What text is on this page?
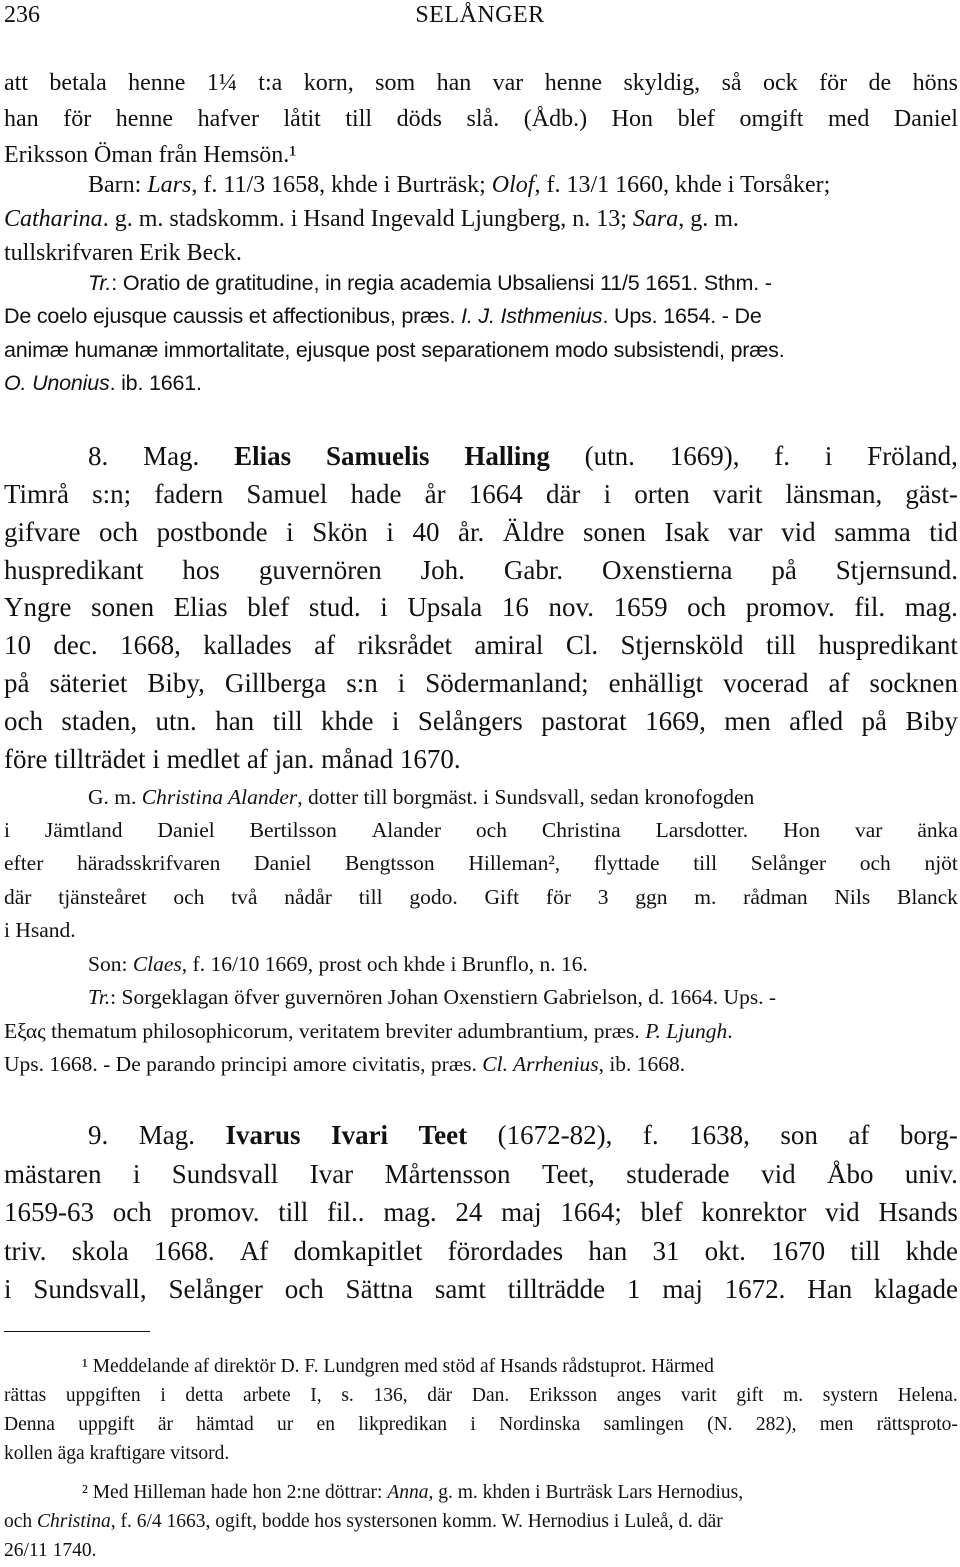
236	SELÅNGER
att betala henne 1¼ t:a korn, som han var henne skyldig, så ock för de höns
han för henne hafver låtit till döds slå. (Ådb.) Hon blef omgift med Daniel
Eriksson Öman från Hemsön.¹
Barn: Lars, f. 11/3 1658, khde i Burträsk; Olof, f. 13/1 1660, khde i Torsåker;
Catharina. g. m. stadskomm. i Hsand Ingevald Ljungberg, n. 13; Sara, g. m.
tullskrifvaren Erik Beck.
Tr.: Oratio de gratitudine, in regia academia Ubsaliensi 11/5 1651. Sthm. -
De coelo ejusque caussis et affectionibus, præs. I. J. Isthmenius. Ups. 1654. - De
animæ humanæ immortalitate, ejusque post separationem modo subsistendi, præs.
O. Unonius. ib. 1661.
8. Mag. Elias Samuelis Halling (utn. 1669), f. i Fröland,
Timrå s:n; fadern Samuel hade år 1664 där i orten varit länsman, gäst-
gifvare och postbonde i Skön i 40 år. Äldre sonen Isak var vid samma tid
huspredikant hos guvernören Joh. Gabr. Oxenstierna på Stjernsund.
Yngre sonen Elias blef stud. i Upsala 16 nov. 1659 och promov. fil. mag.
10 dec. 1668, kallades af riksrådet amiral Cl. Stjernsköld till huspredikant
på säteriet Biby, Gillberga s:n i Södermanland; enhälligt vocerad af socknen
och staden, utn. han till khde i Selångers pastorat 1669, men afled på Biby
före tillträdet i medlet af jan. månad 1670.
G. m. Christina Alander, dotter till borgmäst. i Sundsvall, sedan kronofogden
i Jämtland Daniel Bertilsson Alander och Christina Larsdotter. Hon var änka
efter häradsskrifvaren Daniel Bengtsson Hilleman², flyttade till Selånger och njöt
där tjänsteåret och två nådår till godo. Gift för 3 ggn m. rådman Nils Blanck
i Hsand.
Son: Claes, f. 16/10 1669, prost och khde i Brunflo, n. 16.
Tr.: Sorgeklagan öfver guvernören Johan Oxenstiern Gabrielson, d. 1664. Ups. -
Εξας thematum philosophicorum, veritatem breviter adumbrantium, præs. P. Ljungh.
Ups. 1668. - De parando principi amore civitatis, præs. Cl. Arrhenius, ib. 1668.
9. Mag. Ivarus Ivari Teet (1672-82), f. 1638, son af borg-
mästaren i Sundsvall Ivar Mårtensson Teet, studerade vid Åbo univ.
1659-63 och promov. till fil.. mag. 24 maj 1664; blef konrektor vid Hsands
triv. skola 1668. Af domkapitlet förordades han 31 okt. 1670 till khde
i Sundsvall, Selånger och Sättna samt tillträdde 1 maj 1672. Han klagade
¹ Meddelande af direktör D. F. Lundgren med stöd af Hsands rådstuprot. Härmed
rättas uppgiften i detta arbete I, s. 136, där Dan. Eriksson anges varit gift m. systern Helena.
Denna uppgift är hämtad ur en likpredikan i Nordinska samlingen (N. 282), men rättsproto-
kollen äga kraftigare vitsord.
² Med Hilleman hade hon 2:ne döttrar: Anna, g. m. khden i Burträsk Lars Hernodius,
och Christina, f. 6/4 1663, ogift, bodde hos systersonen komm. W. Hernodius i Luleå, d. där
26/11 1740.
